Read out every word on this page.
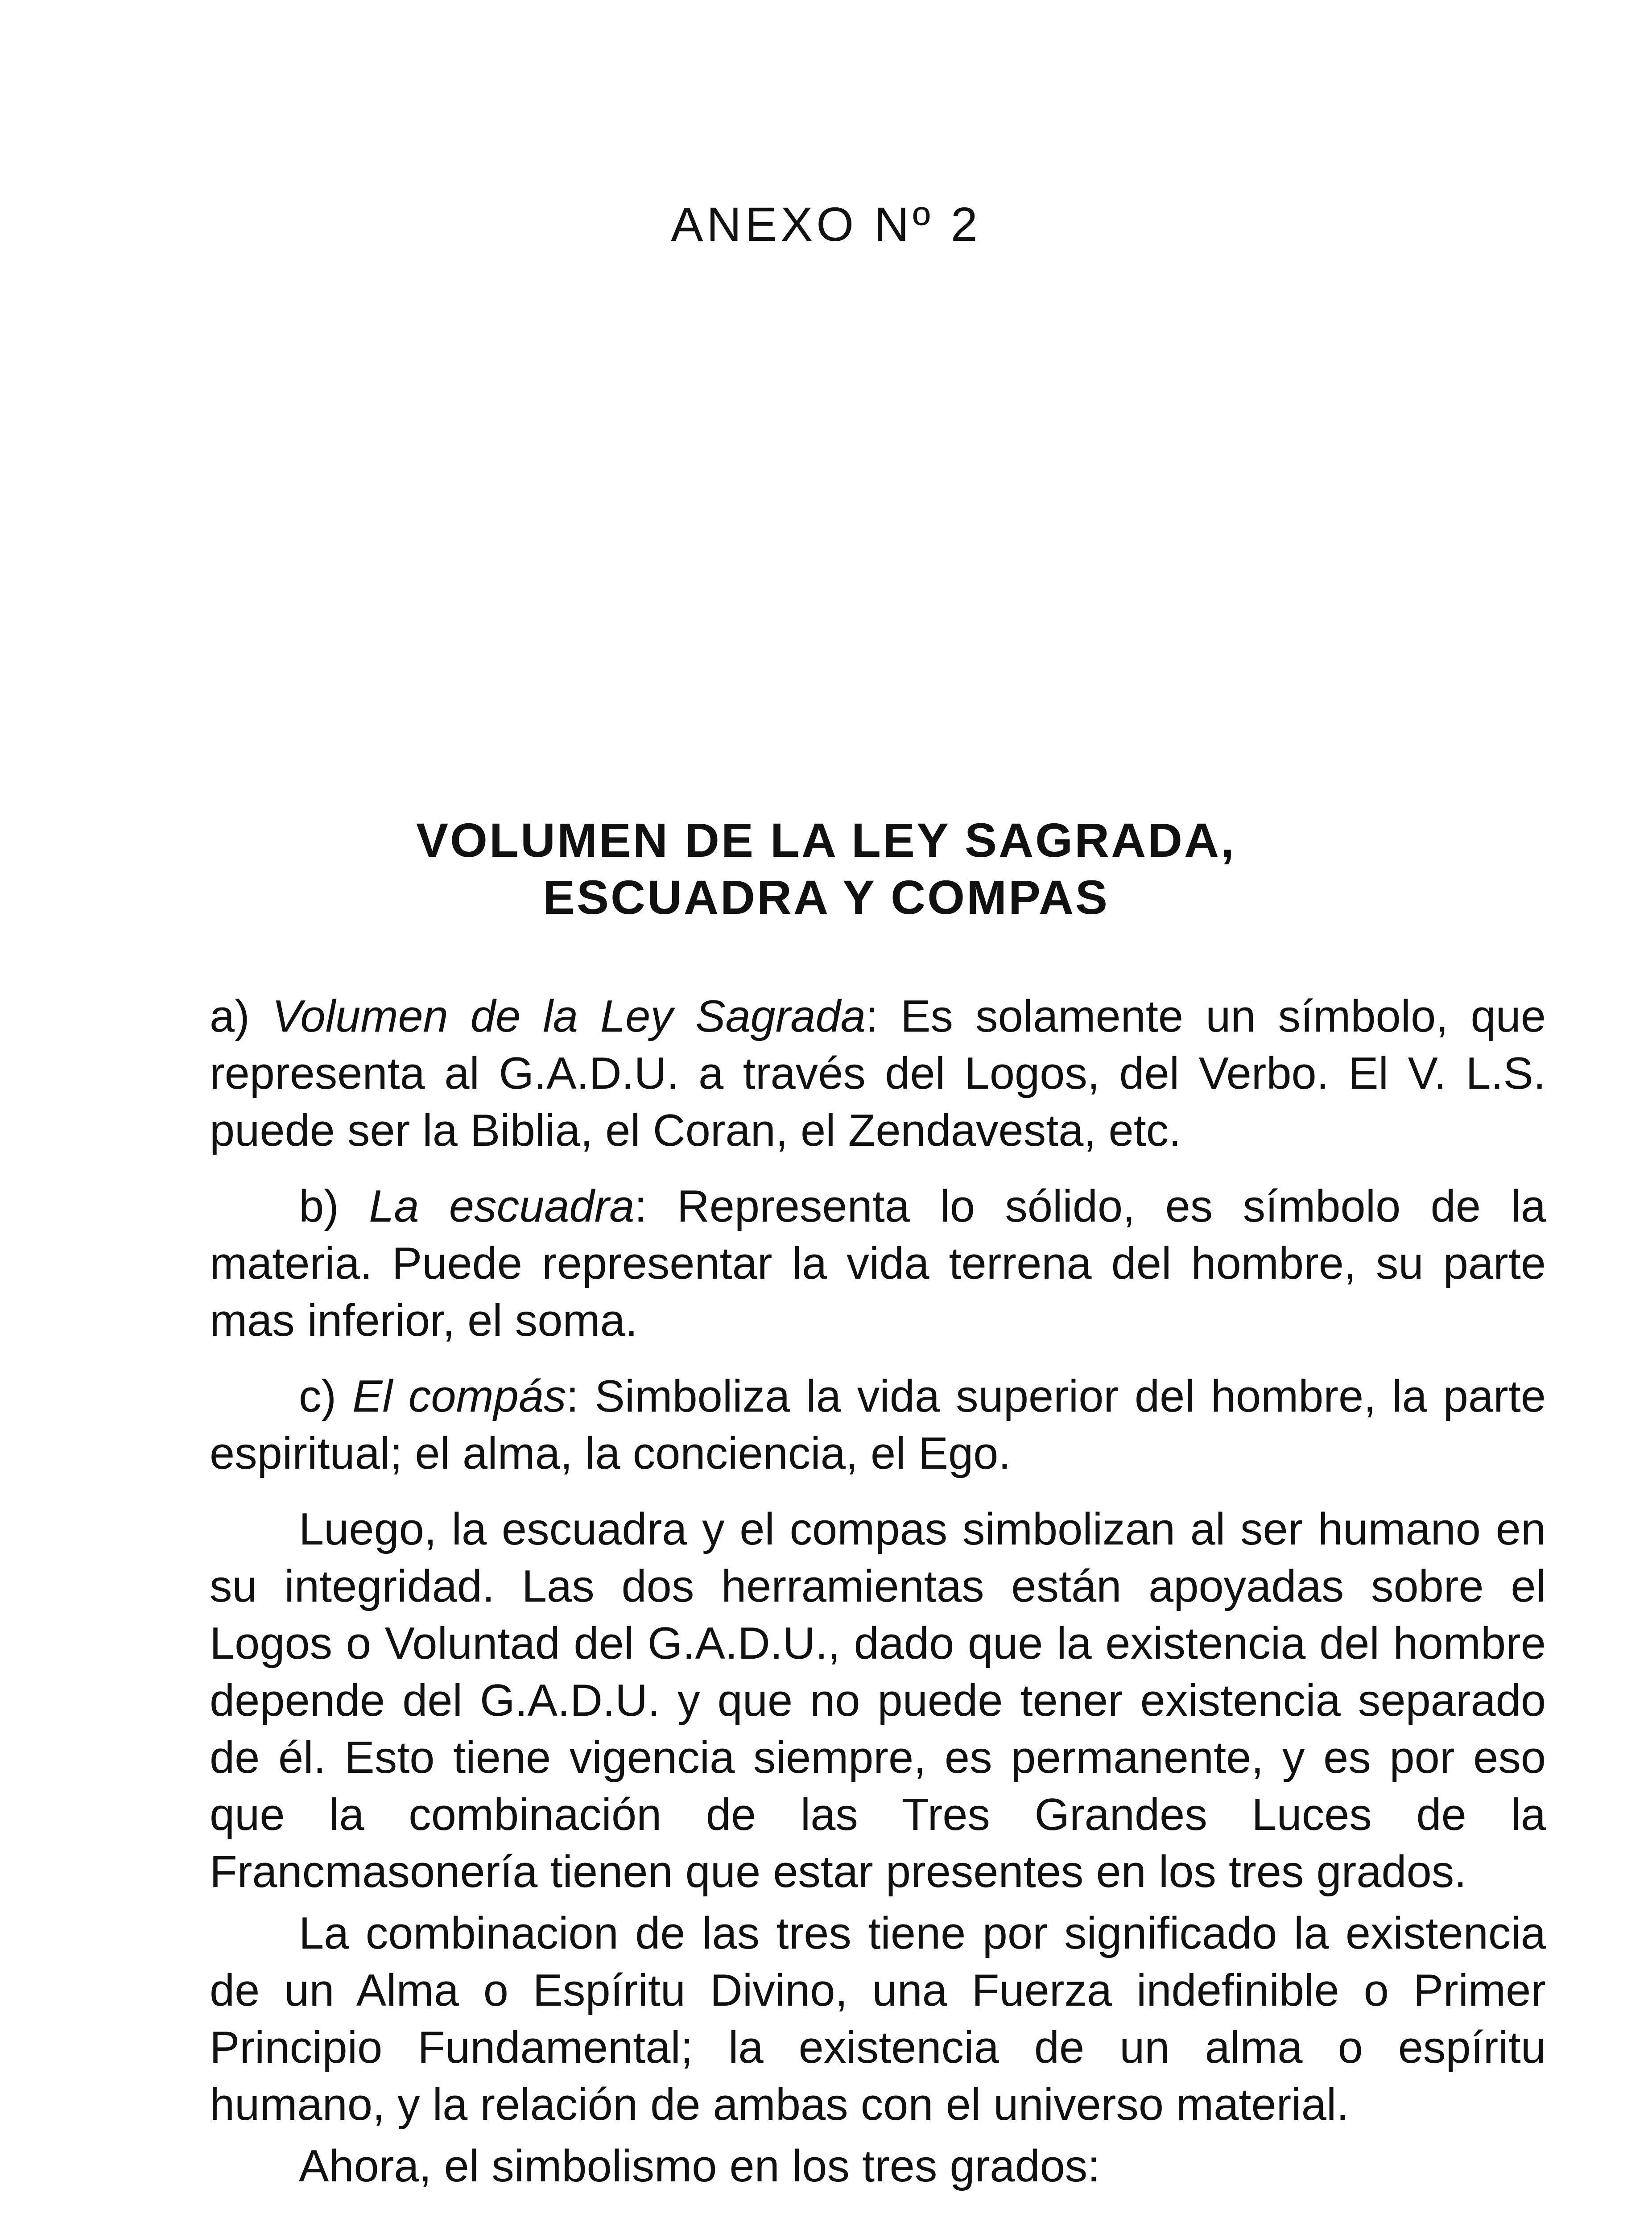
ANEXO Nº 2
VOLUMEN DE LA LEY SAGRADA,
ESCUADRA Y COMPAS

a) Volumen de la Ley Sagrada: Es solamente un símbolo, que representa al G.A.D.U. a través del Logos, del Verbo. El V. L.S. puede ser la Biblia, el Coran, el Zendavesta, etc.

b) La escuadra: Representa lo sólido, es símbolo de la materia. Puede representar la vida terrena del hombre, su parte mas inferior, el soma.

c) El compás: Simboliza la vida superior del hombre, la parte espiritual; el alma, la conciencia, el Ego.

Luego, la escuadra y el compas simbolizan al ser humano en su integridad. Las dos herramientas están apoyadas sobre el Logos o Voluntad del G.A.D.U., dado que la existencia del hombre depende del G.A.D.U. y que no puede tener existencia separado de él. Esto tiene vigencia siempre, es permanente, y es por eso que la combinación de las Tres Grandes Luces de la Francmasonería tienen que estar presentes en los tres grados.

La combinacion de las tres tiene por significado la existencia de un Alma o Espíritu Divino, una Fuerza indefinible o Primer Principio Fundamental; la existencia de un alma o espíritu humano, y la relación de ambas con el universo material.

Ahora, el simbolismo en los tres grados:
